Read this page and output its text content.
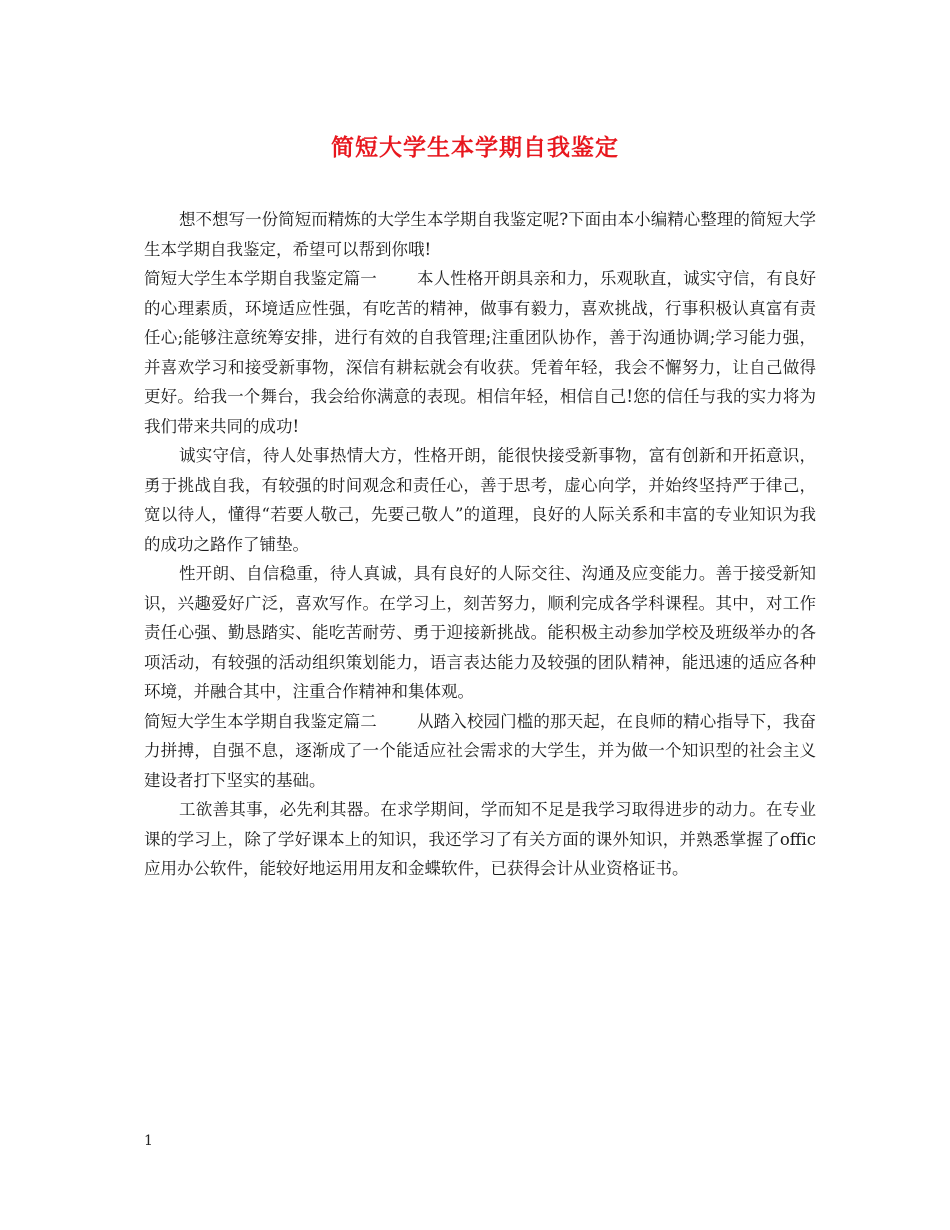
简短大学生本学期自我鉴定

想不想写一份简短而精炼的大学生本学期自我鉴定呢?下面由本小编精心整理的简短大学生本学期自我鉴定，希望可以帮到你哦!

简短大学生本学期自我鉴定篇一 本人性格开朗具亲和力，乐观耿直，诚实守信，有良好的心理素质，环境适应性强，有吃苦的精神，做事有毅力，喜欢挑战，行事积极认真富有责任心;能够注意统筹安排，进行有效的自我管理;注重团队协作，善于沟通协调;学习能力强，并喜欢学习和接受新事物，深信有耕耘就会有收获。凭着年轻，我会不懈努力，让自己做得更好。给我一个舞台，我会给你满意的表现。相信年轻，相信自己!您的信任与我的实力将为我们带来共同的成功!

诚实守信，待人处事热情大方，性格开朗，能很快接受新事物，富有创新和开拓意识，勇于挑战自我，有较强的时间观念和责任心，善于思考，虚心向学，并始终坚持严于律己，宽以待人，懂得“若要人敬己，先要己敬人”的道理，良好的人际关系和丰富的专业知识为我的成功之路作了铺垫。

性开朗、自信稳重，待人真诚，具有良好的人际交往、沟通及应变能力。善于接受新知识，兴趣爱好广泛，喜欢写作。在学习上，刻苦努力，顺利完成各学科课程。其中，对工作责任心强、勤恳踏实、能吃苦耐劳、勇于迎接新挑战。能积极主动参加学校及班级举办的各项活动，有较强的活动组织策划能力，语言表达能力及较强的团队精神，能迅速的适应各种环境，并融合其中，注重合作精神和集体观。

简短大学生本学期自我鉴定篇二 从踏入校园门槛的那天起，在良师的精心指导下，我奋力拼搏，自强不息，逐渐成了一个能适应社会需求的大学生，并为做一个知识型的社会主义建设者打下坚实的基础。

工欲善其事，必先利其器。在求学期间，学而知不足是我学习取得进步的动力。在专业课的学习上，除了学好课本上的知识，我还学习了有关方面的课外知识，并熟悉掌握了offic应用办公软件，能较好地运用用友和金蝶软件，已获得会计从业资格证书。

1
